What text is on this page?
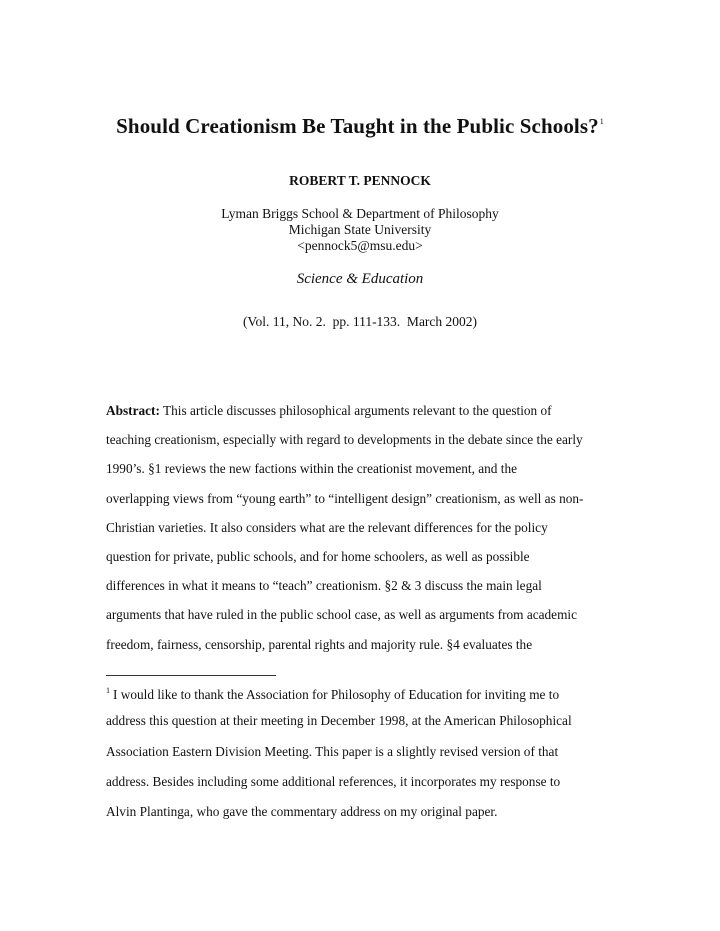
Should Creationism Be Taught in the Public Schools?$^1$
ROBERT T. PENNOCK
Lyman Briggs School & Department of Philosophy
Michigan State University
<pennock5@msu.edu>
Science & Education
(Vol. 11, No. 2.  pp. 111-133.  March 2002)
Abstract: This article discusses philosophical arguments relevant to the question of
teaching creationism, especially with regard to developments in the debate since the early
1990’s. §1 reviews the new factions within the creationist movement, and the
overlapping views from “young earth” to “intelligent design” creationism, as well as non-
Christian varieties. It also considers what are the relevant differences for the policy
question for private, public schools, and for home schoolers, as well as possible
differences in what it means to “teach” creationism. §2 & 3 discuss the main legal
arguments that have ruled in the public school case, as well as arguments from academic
freedom, fairness, censorship, parental rights and majority rule. §4 evaluates the
$^1$ I would like to thank the Association for Philosophy of Education for inviting me to
address this question at their meeting in December 1998, at the American Philosophical
Association Eastern Division Meeting. This paper is a slightly revised version of that
address. Besides including some additional references, it incorporates my response to
Alvin Plantinga, who gave the commentary address on my original paper.
